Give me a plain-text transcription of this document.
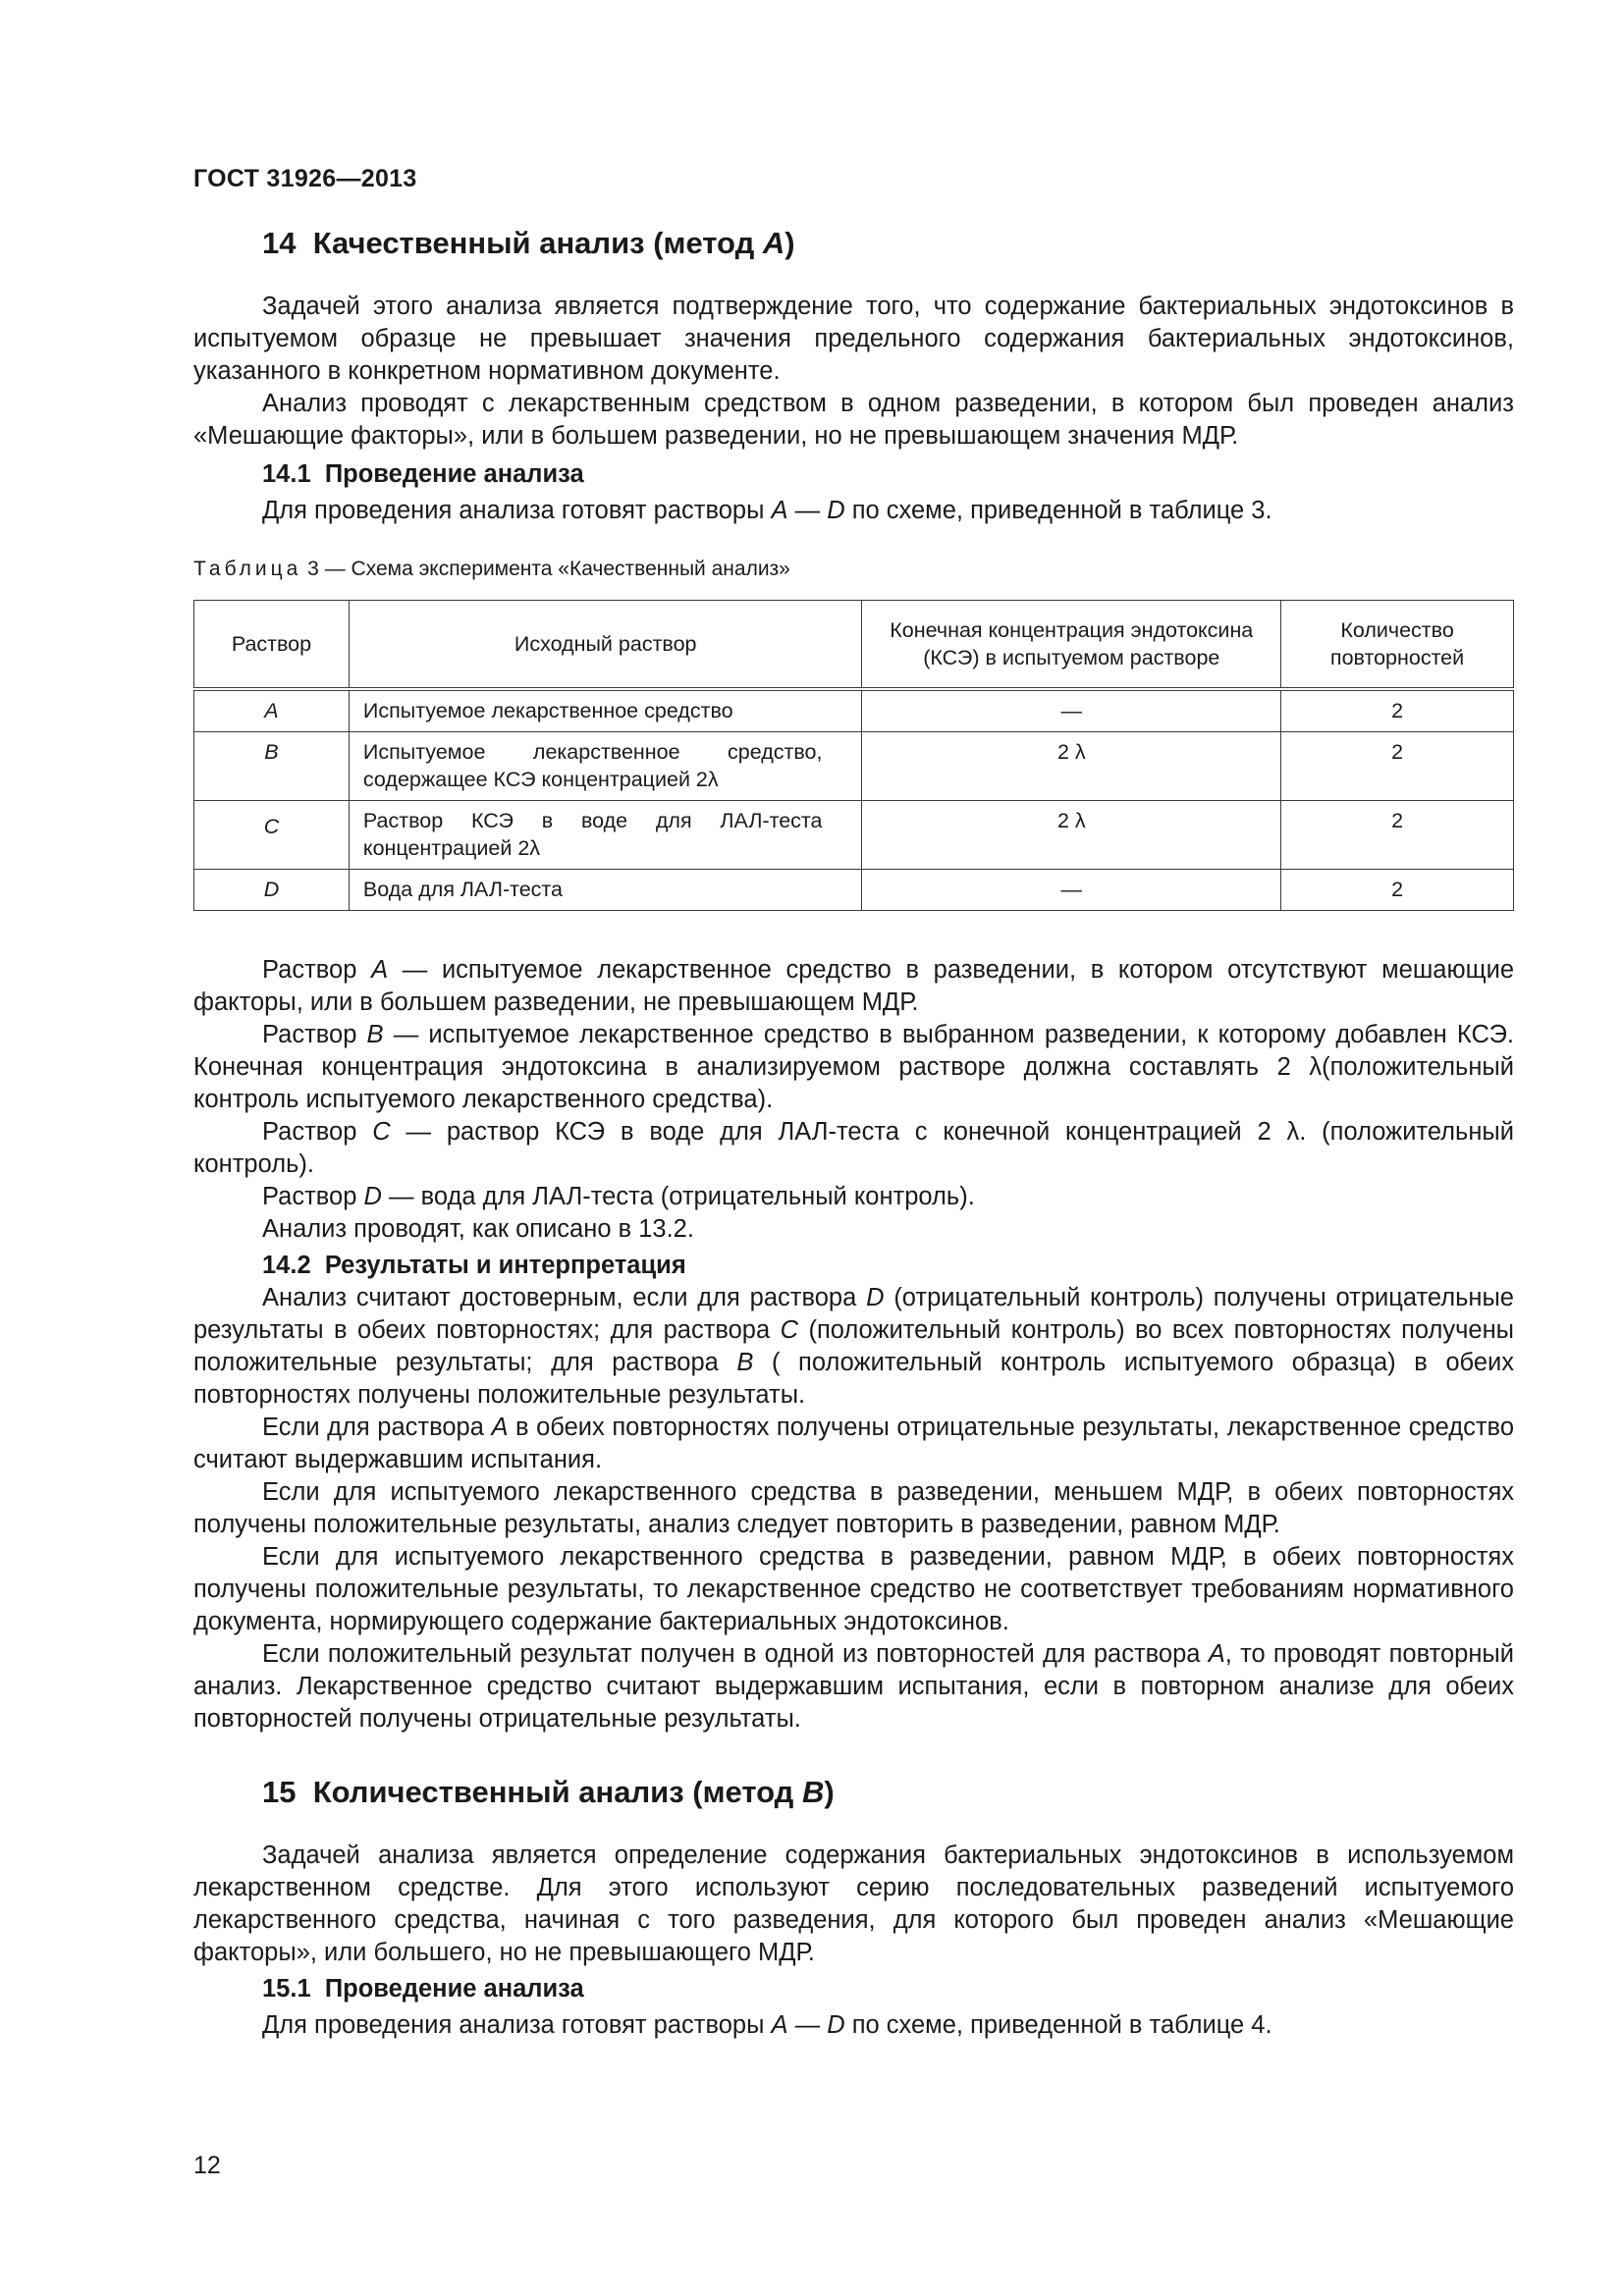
ГОСТ 31926—2013
14 Качественный анализ (метод A)

Задачей этого анализа является подтверждение того, что содержание бактериальных эндотоксинов в испытуемом образце не превышает значения предельного содержания бактериальных эндотоксинов, указанного в конкретном нормативном документе.

Анализ проводят с лекарственным средством в одном разведении, в котором был проведен анализ «Мешающие факторы», или в большем разведении, но не превышающем значения МДР.

14.1 Проведение анализа

Для проведения анализа готовят растворы A — D по схеме, приведенной в таблице 3.

Таблица 3 — Схема эксперимента «Качественный анализ»
Раствор	Исходный раствор	Конечная концентрация эндотоксина (КСЭ) в испытуемом растворе	Количество повторностей
A	Испытуемое лекарственное средство	—	2
B	Испытуемое лекарственное средство, содержащее КСЭ концентрацией 2λ	2 λ	2
C	Раствор КСЭ в воде для ЛАЛ-теста концентрацией 2λ	2 λ	2
D	Вода для ЛАЛ-теста	—	2

Раствор A — испытуемое лекарственное средство в разведении, в котором отсутствуют мешающие факторы, или в большем разведении, не превышающем МДР.

Раствор B — испытуемое лекарственное средство в выбранном разведении, к которому добавлен КСЭ. Конечная концентрация эндотоксина в анализируемом растворе должна составлять 2 λ(положительный контроль испытуемого лекарственного средства).

Раствор C — раствор КСЭ в воде для ЛАЛ-теста с конечной концентрацией 2 λ. (положительный контроль).

Раствор D — вода для ЛАЛ-теста (отрицательный контроль).

Анализ проводят, как описано в 13.2.

14.2 Результаты и интерпретация

Анализ считают достоверным, если для раствора D (отрицательный контроль) получены отрицательные результаты в обеих повторностях; для раствора C (положительный контроль) во всех повторностях получены положительные результаты; для раствора B ( положительный контроль испытуемого образца) в обеих повторностях получены положительные результаты.

Если для раствора A в обеих повторностях получены отрицательные результаты, лекарственное средство считают выдержавшим испытания.

Если для испытуемого лекарственного средства в разведении, меньшем МДР, в обеих повторностях получены положительные результаты, анализ следует повторить в разведении, равном МДР.

Если для испытуемого лекарственного средства в разведении, равном МДР, в обеих повторностях получены положительные результаты, то лекарственное средство не соответствует требованиям нормативного документа, нормирующего содержание бактериальных эндотоксинов.

Если положительный результат получен в одной из повторностей для раствора A, то проводят повторный анализ. Лекарственное средство считают выдержавшим испытания, если в повторном анализе для обеих повторностей получены отрицательные результаты.

15 Количественный анализ (метод B)

Задачей анализа является определение содержания бактериальных эндотоксинов в используемом лекарственном средстве. Для этого используют серию последовательных разведений испытуемого лекарственного средства, начиная с того разведения, для которого был проведен анализ «Мешающие факторы», или большего, но не превышающего МДР.

15.1 Проведение анализа

Для проведения анализа готовят растворы A — D по схеме, приведенной в таблице 4.

12
